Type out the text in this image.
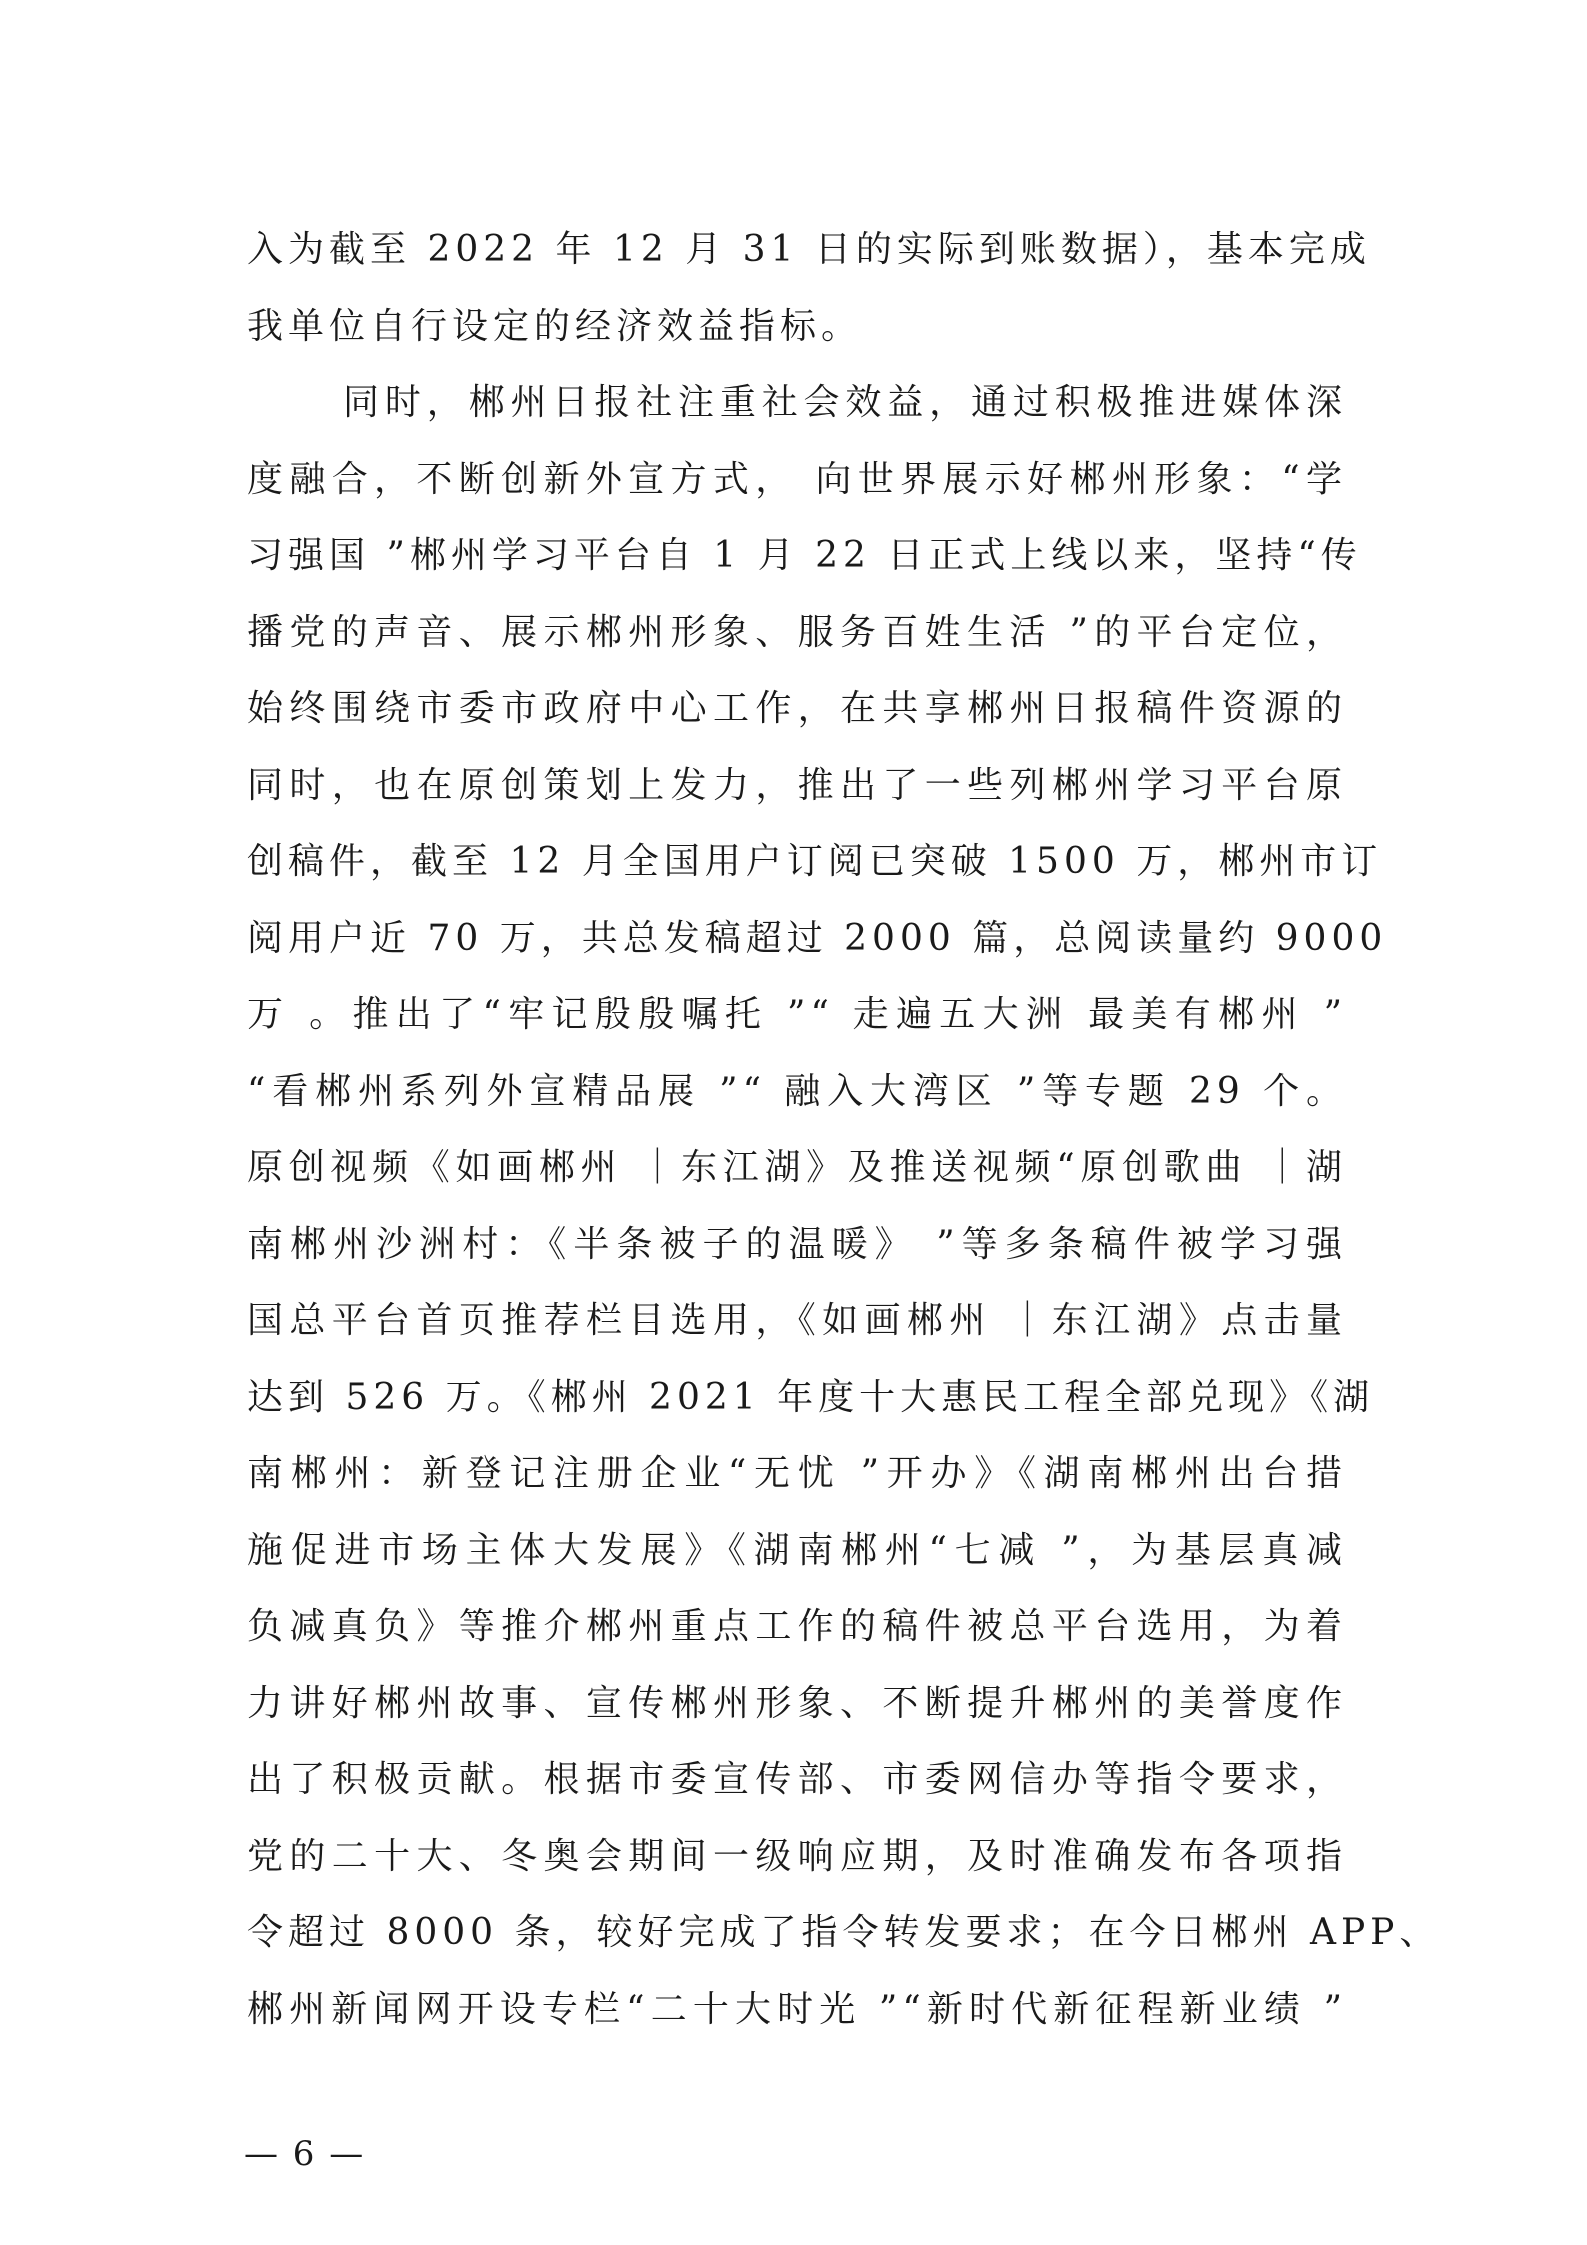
入为截至 2022 年 12 月 31 日的实际到账数据），基本完成
我单位自行设定的经济效益指标。
同时，郴州日报社注重社会效益，通过积极推进媒体深
度融合，不断创新外宣方式， 向世界展示好郴州形象：“学
习强国 ”郴州学习平台自 1 月 22 日正式上线以来，坚持“传
播党的声音、展示郴州形象、服务百姓生活 ”的平台定位，
始终围绕市委市政府中心工作，在共享郴州日报稿件资源的
同时，也在原创策划上发力，推出了一些列郴州学习平台原
创稿件，截至 12 月全国用户订阅已突破 1500 万，郴州市订
阅用户近 70 万，共总发稿超过 2000 篇，总阅读量约 9000
万 。推出了“牢记殷殷嘱托 ”“ 走遍五大洲 最美有郴州 ”
“看郴州系列外宣精品展 ”“ 融入大湾区 ”等专题 29 个。
原创视频《如画郴州 ｜东江湖》及推送视频“原创歌曲 ｜湖
南郴州沙洲村：《半条被子的温暖》 ”等多条稿件被学习强
国总平台首页推荐栏目选用，《如画郴州 ｜东江湖》点击量
达到 526 万。《郴州 2021 年度十大惠民工程全部兑现》《湖
南郴州：新登记注册企业“无忧 ”开办》《湖南郴州出台措
施促进市场主体大发展》《湖南郴州“七减 ”，为基层真减
负减真负》等推介郴州重点工作的稿件被总平台选用，为着
力讲好郴州故事、宣传郴州形象、不断提升郴州的美誉度作
出了积极贡献。根据市委宣传部、市委网信办等指令要求，
党的二十大、冬奥会期间一级响应期，及时准确发布各项指
令超过 8000 条，较好完成了指令转发要求；在今日郴州 APP、
郴州新闻网开设专栏“二十大时光 ”“新时代新征程新业绩 ”
— 6 —
